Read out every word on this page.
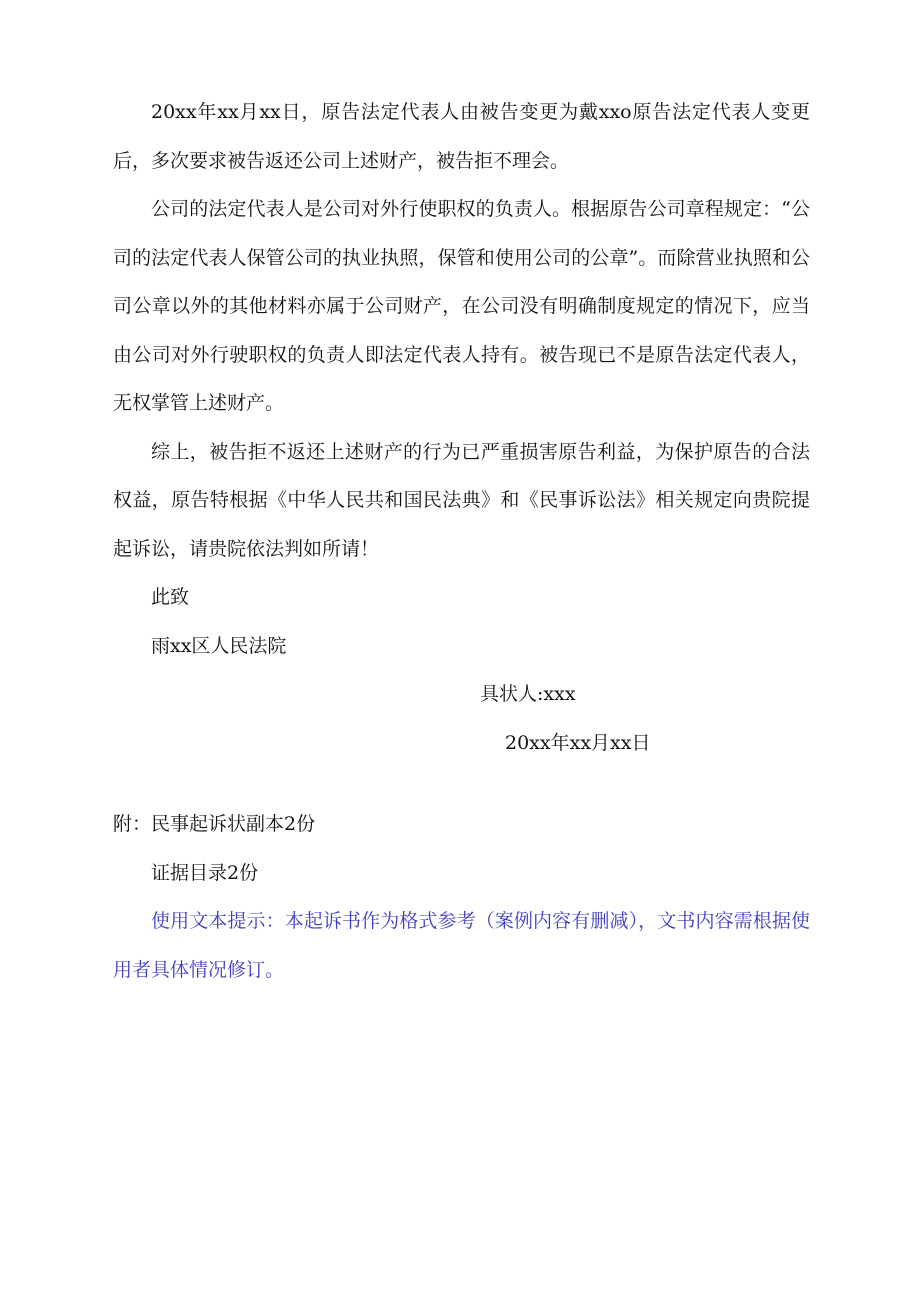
20xx年xx月xx日，原告法定代表人由被告变更为戴xxo原告法定代表人变更后，多次要求被告返还公司上述财产，被告拒不理会。

公司的法定代表人是公司对外行使职权的负责人。根据原告公司章程规定：“公司的法定代表人保管公司的执业执照，保管和使用公司的公章”。而除营业执照和公司公章以外的其他材料亦属于公司财产，在公司没有明确制度规定的情况下，应当由公司对外行驶职权的负责人即法定代表人持有。被告现已不是原告法定代表人，无权掌管上述财产。

综上，被告拒不返还上述财产的行为已严重损害原告利益，为保护原告的合法权益，原告特根据《中华人民共和国民法典》和《民事诉讼法》相关规定向贵院提起诉讼，请贵院依法判如所请！

此致

雨xx区人民法院

具状人:xxx

20xx年xx月xx日

附：民事起诉状副本2份

证据目录2份

使用文本提示：本起诉书作为格式参考（案例内容有删减），文书内容需根据使用者具体情况修订。
